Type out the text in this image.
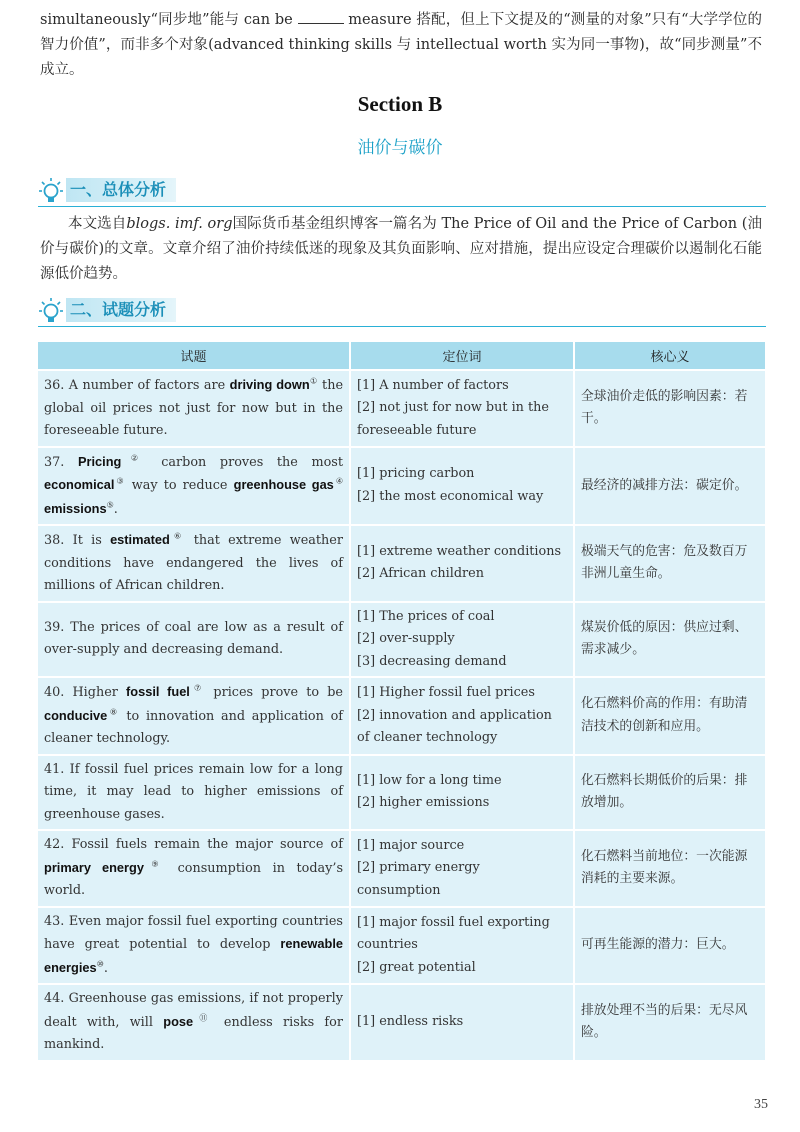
simultaneously“同步地”能与 can be	measure 搭配，但上下文提及的“测量的对象”只有“大学学位的智力价值”，而非多个对象(advanced thinking skills 与 intellectual worth 实为同一事物)，故“同步测量”不成立。

Section B
油价与碳价
一、总体分析

本文选自blogs. imf. org国际货币基金组织博客一篇名为 The Price of Oil and the Price of Carbon (油价与碳价)的文章。文章介绍了油价持续低迷的现象及其负面影响、应对措施，提出应设定合理碳价以遏制化石能源低价趋势。

二、试题分析
试题	定位词	核心义
36. A number of factors are driving down① the global oil prices not just for now but in the foreseeable future.	[1] A number of factors
[2] not just for now but in the foreseeable future	全球油价走低的影响因素：若干。
37. Pricing② carbon proves the most economical③ way to reduce greenhouse gas④ emissions⑤.	[1] pricing carbon
[2] the most economical way	最经济的减排方法：碳定价。
38. It is estimated⑥ that extreme weather conditions have endangered the lives of millions of African children.	[1] extreme weather conditions
[2] African children	极端天气的危害：危及数百万非洲儿童生命。
39. The prices of coal are low as a result of over-supply and decreasing demand.	[1] The prices of coal
[2] over-supply
[3] decreasing demand	煤炭价低的原因：供应过剩、需求减少。
40. Higher fossil fuel⑦ prices prove to be conducive⑧ to innovation and application of cleaner technology.	[1] Higher fossil fuel prices
[2] innovation and application of cleaner technology	化石燃料价高的作用：有助清洁技术的创新和应用。
41. If fossil fuel prices remain low for a long time, it may lead to higher emissions of greenhouse gases.	[1] low for a long time
[2] higher emissions	化石燃料长期低价的后果：排放增加。
42. Fossil fuels remain the major source of primary energy⑨ consumption in today’s world.	[1] major source
[2] primary energy consumption	化石燃料当前地位：一次能源消耗的主要来源。
43. Even major fossil fuel exporting countries have great potential to develop renewable energies⑩.	[1] major fossil fuel exporting countries
[2] great potential	可再生能源的潜力：巨大。
44. Greenhouse gas emissions, if not properly dealt with, will pose⑪ endless risks for mankind.	[1] endless risks	排放处理不当的后果：无尽风险。
35
